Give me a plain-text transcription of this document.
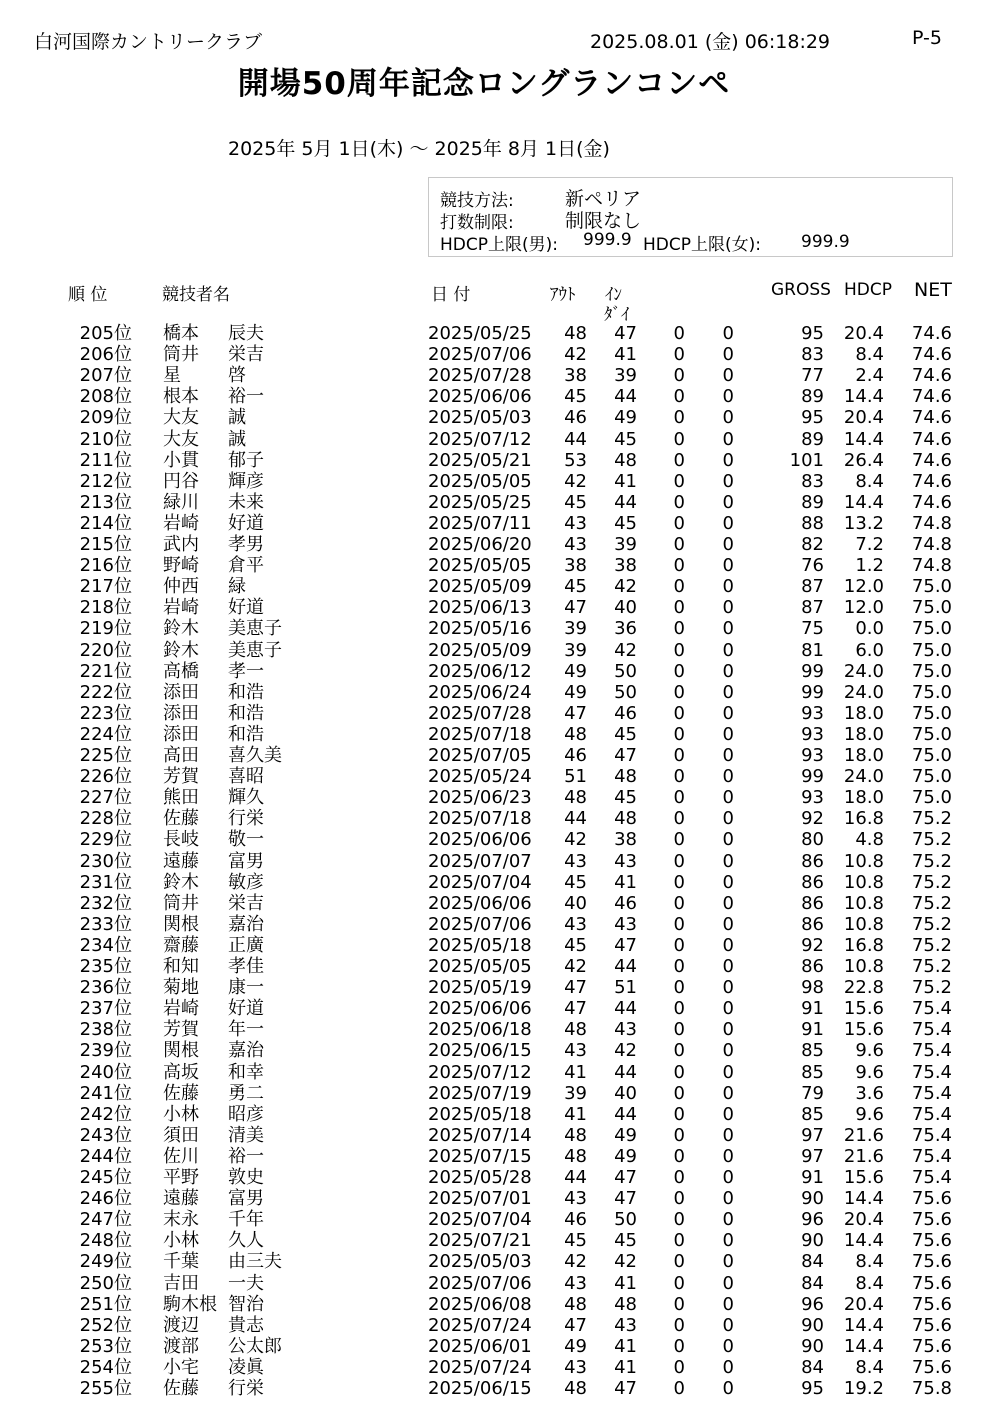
白河国際カントリークラブ	2025.08.01 (金) 06:18:29	P-5
開場50周年記念ロングランコンペ
2025年 5月 1日(木) ～ 2025年 8月 1日(金)
競技方法:	新ペリア
打数制限:	制限なし
HDCP上限(男): 999.9 HDCP上限(女): 999.9
順 位	競技者名	日 付	ｱｳﾄ ｲﾝ
ﾀﾞｲ
GROSS HDCP NET
205位 橋本 辰夫	2025/05/25	48	47 0 0	95	20.4	74.6
206位 筒井 栄吉	2025/07/06	42	41 0 0	83	8.4	74.6
207位 星	啓	2025/07/28	38	39 0 0	77	2.4	74.6
208位 根本 裕一	2025/06/06	45	44 0 0	89	14.4	74.6
209位 大友 誠	2025/05/03	46	49 0 0	95	20.4	74.6
210位 大友 誠	2025/07/12	44	45 0 0	89	14.4	74.6
211位 小貫 郁子	2025/05/21	53	48 0 0	101	26.4	74.6
212位 円谷 輝彦	2025/05/05	42	41 0 0	83	8.4	74.6
213位 緑川 未来	2025/05/25	45	44 0 0	89	14.4	74.6
214位 岩崎 好道	2025/07/11	43	45 0 0	88	13.2	74.8
215位 武内 孝男	2025/06/20	43	39 0 0	82	7.2	74.8
216位 野崎 倉平	2025/05/05	38	38 0 0	76	1.2	74.8
217位 仲西 緑	2025/05/09	45	42 0 0	87	12.0	75.0
218位 岩崎 好道	2025/06/13	47	40 0 0	87	12.0	75.0
219位 鈴木 美恵子	2025/05/16	39	36 0 0	75	0.0	75.0
220位 鈴木 美恵子	2025/05/09	39	42 0 0	81	6.0	75.0
221位 高橋 孝一	2025/06/12	49	50 0 0	99	24.0	75.0
222位 添田 和浩	2025/06/24	49	50 0 0	99	24.0	75.0
223位 添田 和浩	2025/07/28	47	46 0 0	93	18.0	75.0
224位 添田 和浩	2025/07/18	48	45 0 0	93	18.0	75.0
225位 高田 喜久美	2025/07/05	46	47 0 0	93	18.0	75.0
226位 芳賀 喜昭	2025/05/24	51	48 0 0	99	24.0	75.0
227位 熊田 輝久	2025/06/23	48	45 0 0	93	18.0	75.0
228位 佐藤 行栄	2025/07/18	44	48 0 0	92	16.8	75.2
229位 長岐 敬一	2025/06/06	42	38 0 0	80	4.8	75.2
230位 遠藤 富男	2025/07/07	43	43 0 0	86	10.8	75.2
231位 鈴木 敏彦	2025/07/04	45	41 0 0	86	10.8	75.2
232位 筒井 栄吉	2025/06/06	40	46 0 0	86	10.8	75.2
233位 関根 嘉治	2025/07/06	43	43 0 0	86	10.8	75.2
234位 齋藤 正廣	2025/05/18	45	47 0 0	92	16.8	75.2
235位 和知 孝佳	2025/05/05	42	44 0 0	86	10.8	75.2
236位 菊地 康一	2025/05/19	47	51 0 0	98	22.8	75.2
237位 岩崎 好道	2025/06/06	47	44 0 0	91	15.6	75.4
238位 芳賀 年一	2025/06/18	48	43 0 0	91	15.6	75.4
239位 関根 嘉治	2025/06/15	43	42 0 0	85	9.6	75.4
240位 高坂 和幸	2025/07/12	41	44 0 0	85	9.6	75.4
241位 佐藤 勇二	2025/07/19	39	40 0 0	79	3.6	75.4
242位 小林 昭彦	2025/05/18	41	44 0 0	85	9.6	75.4
243位 須田 清美	2025/07/14	48	49 0 0	97	21.6	75.4
244位 佐川 裕一	2025/07/15	48	49 0 0	97	21.6	75.4
245位 平野 敦史	2025/05/28	44	47 0 0	91	15.6	75.4
246位 遠藤 富男	2025/07/01	43	47 0 0	90	14.4	75.6
247位 末永 千年	2025/07/04	46	50 0 0	96	20.4	75.6
248位 小林 久人	2025/07/21	45	45 0 0	90	14.4	75.6
249位 千葉 由三夫	2025/05/03	42	42 0 0	84	8.4	75.6
250位 吉田 一夫	2025/07/06	43	41 0 0	84	8.4	75.6
251位 駒木根 智治	2025/06/08	48	48 0 0	96	20.4	75.6
252位 渡辺 貴志	2025/07/24	47	43 0 0	90	14.4	75.6
253位 渡部 公太郎	2025/06/01	49	41 0 0	90	14.4	75.6
254位 小宅 凌眞	2025/07/24	43	41 0 0	84	8.4	75.6
255位 佐藤 行栄	2025/06/15	48	47 0 0	95	19.2	75.8
